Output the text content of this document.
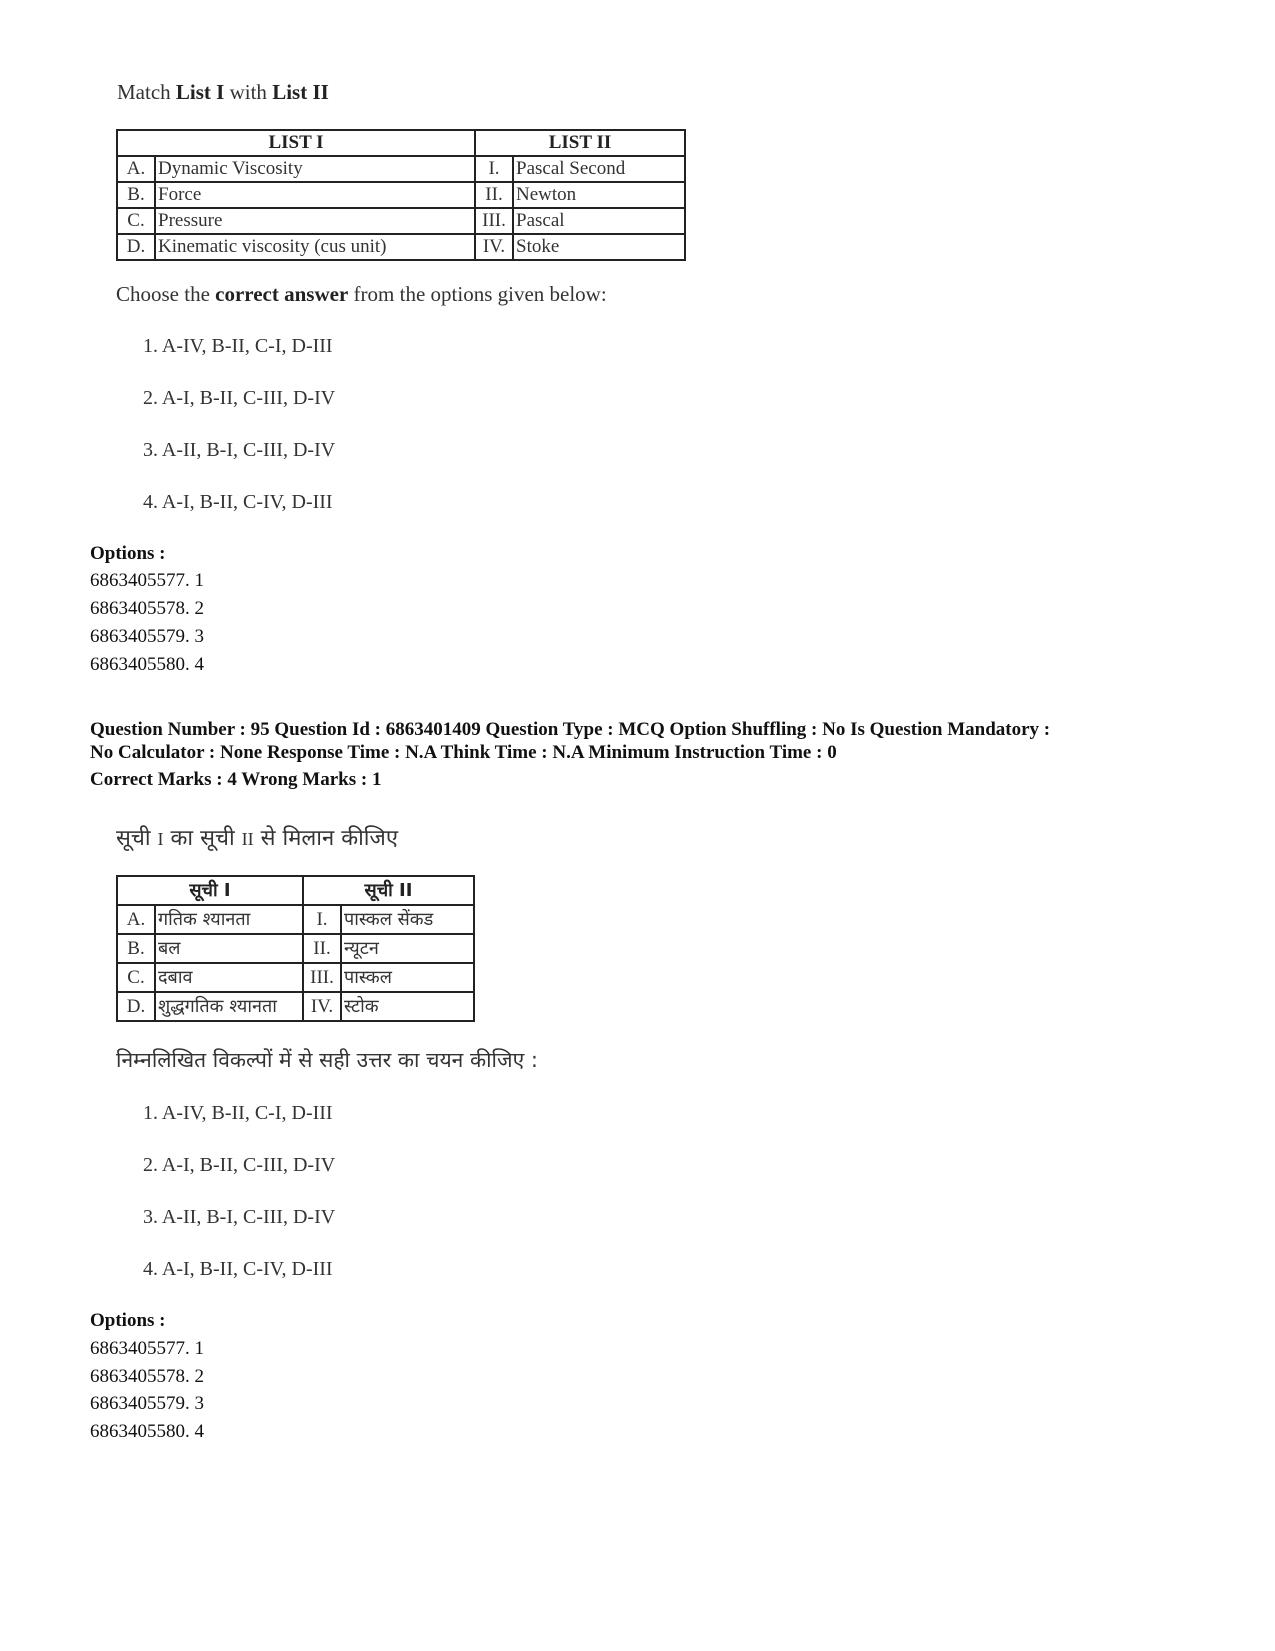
Match List I with List II
LIST I		LIST II	
A.	Dynamic Viscosity	I.	Pascal Second
B.	Force	II.	Newton
C.	Pressure	III.	Pascal
D.	Kinematic viscosity (cus unit)	IV.	Stoke
Choose the correct answer from the options given below:
1. A-IV, B-II, C-I, D-III
2. A-I, B-II, C-III, D-IV
3. A-II, B-I, C-III, D-IV
4. A-I, B-II, C-IV, D-III
Options :
6863405577. 1
6863405578. 2
6863405579. 3
6863405580. 4
Question Number : 95 Question Id : 6863401409 Question Type : MCQ Option Shuffling : No Is Question Mandatory :
No Calculator : None Response Time : N.A Think Time : N.A Minimum Instruction Time : 0
Correct Marks : 4 Wrong Marks : 1
सूची I का सूची II से मिलान कीजिए
सूची I		सूची II	
A.	गतिक श्यानता	I.	पास्कल सेंकड
B.	बल	II.	न्यूटन
C.	दबाव	III.	पास्कल
D.	शुद्धगतिक श्यानता	IV.	स्टोक
निम्नलिखित विकल्पों में से सही उत्तर का चयन कीजिए :
1. A-IV, B-II, C-I, D-III
2. A-I, B-II, C-III, D-IV
3. A-II, B-I, C-III, D-IV
4. A-I, B-II, C-IV, D-III
Options :
6863405577. 1
6863405578. 2
6863405579. 3
6863405580. 4
